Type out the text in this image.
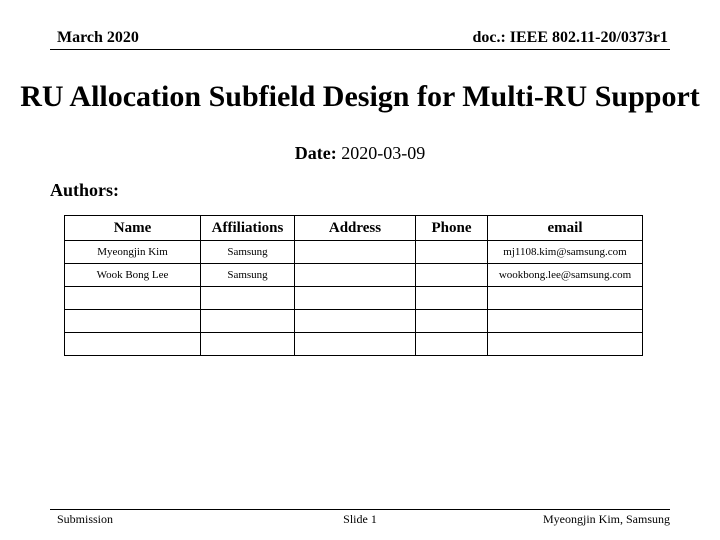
March 2020	doc.: IEEE 802.11-20/0373r1
RU Allocation Subfield Design for Multi-RU Support
Date: 2020-03-09
Authors:
Name	Affiliations	Address	Phone	email
Myeongjin Kim	Samsung			mj1108.kim@samsung.com
Wook Bong Lee	Samsung			wookbong.lee@samsung.com

Submission	Slide 1	Myeongjin Kim, Samsung
